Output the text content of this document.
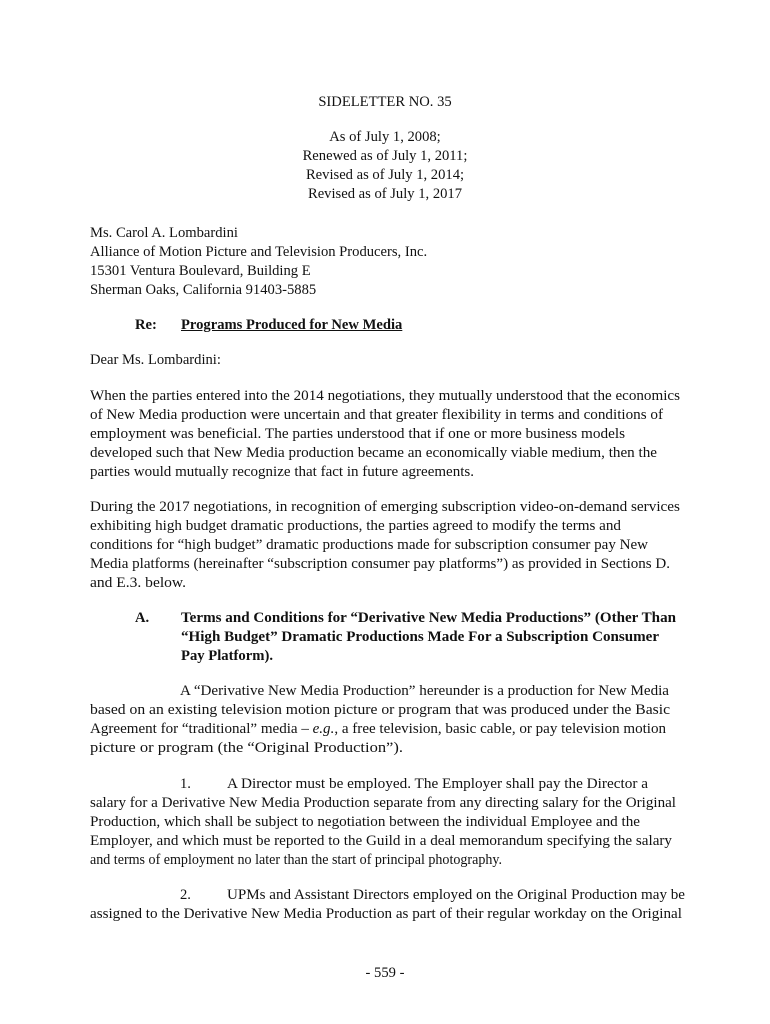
SIDELETTER NO. 35
As of July 1, 2008;
Renewed as of July 1, 2011;
Revised as of July 1, 2014;
Revised as of July 1, 2017
Ms. Carol A. Lombardini
Alliance of Motion Picture and Television Producers, Inc.
15301 Ventura Boulevard, Building E
Sherman Oaks, California 91403-5885
Re: Programs Produced for New Media
Dear Ms. Lombardini:
When the parties entered into the 2014 negotiations, they mutually understood that the economics
of New Media production were uncertain and that greater flexibility in terms and conditions of
employment was beneficial. The parties understood that if one or more business models
developed such that New Media production became an economically viable medium, then the
parties would mutually recognize that fact in future agreements.
During the 2017 negotiations, in recognition of emerging subscription video-on-demand services
exhibiting high budget dramatic productions, the parties agreed to modify the terms and
conditions for “high budget” dramatic productions made for subscription consumer pay New
Media platforms (hereinafter “subscription consumer pay platforms”) as provided in Sections D.
and E.3. below.
A. Terms and Conditions for “Derivative New Media Productions” (Other Than
“High Budget” Dramatic Productions Made For a Subscription Consumer
Pay Platform).
A “Derivative New Media Production” hereunder is a production for New Media
based on an existing television motion picture or program that was produced under the Basic
Agreement for “traditional” media – e.g., a free television, basic cable, or pay television motion
picture or program (the “Original Production”).
1. A Director must be employed. The Employer shall pay the Director a
salary for a Derivative New Media Production separate from any directing salary for the Original
Production, which shall be subject to negotiation between the individual Employee and the
Employer, and which must be reported to the Guild in a deal memorandum specifying the salary
and terms of employment no later than the start of principal photography.
2. UPMs and Assistant Directors employed on the Original Production may be
assigned to the Derivative New Media Production as part of their regular workday on the Original
- 559 -
